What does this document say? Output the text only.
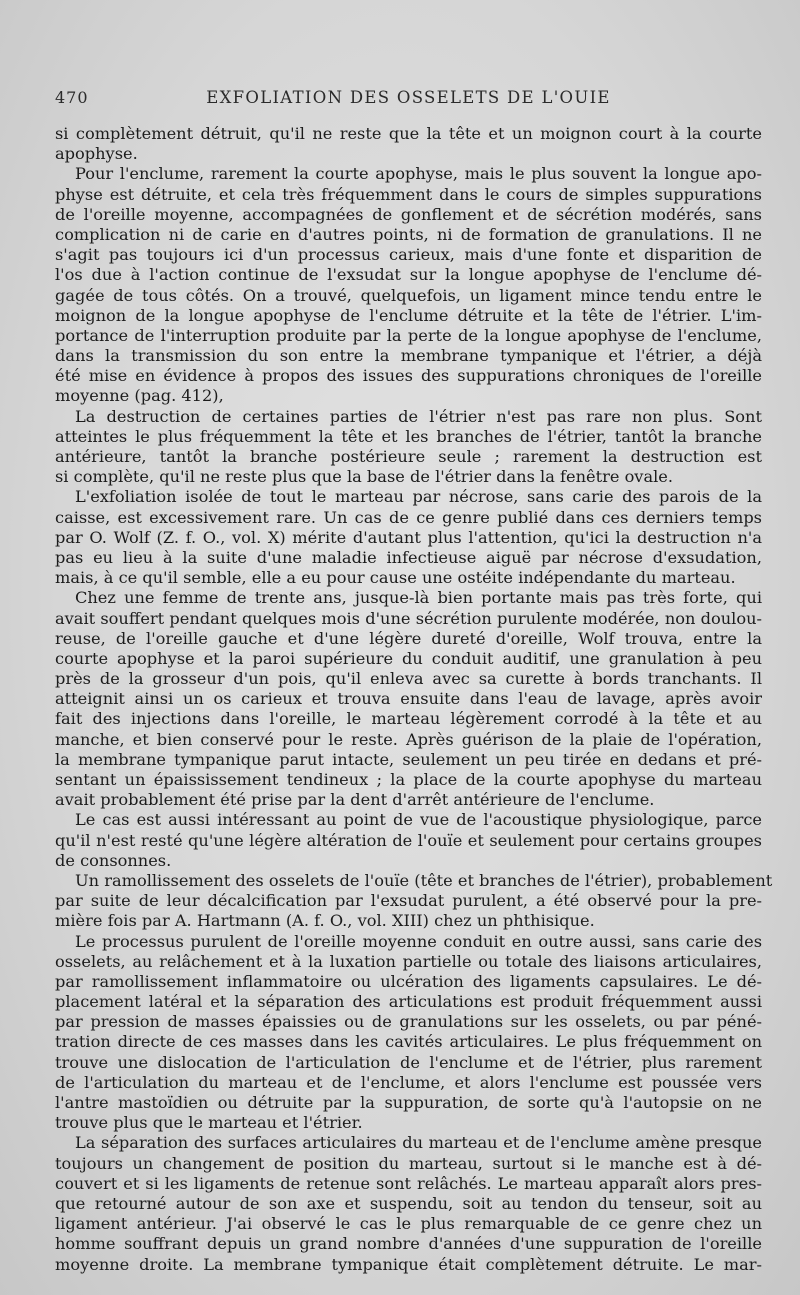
470	EXFOLIATION DES OSSELETS DE L'OUIE
si complètement détruit, qu'il ne reste que la tête et un moignon court à la courte
apophyse.
Pour l'enclume, rarement la courte apophyse, mais le plus souvent la longue apo-
physe est détruite, et cela très fréquemment dans le cours de simples suppurations
de l'oreille moyenne, accompagnées de gonflement et de sécrétion modérés, sans
complication ni de carie en d'autres points, ni de formation de granulations. Il ne
s'agit pas toujours ici d'un processus carieux, mais d'une fonte et disparition de
l'os due à l'action continue de l'exsudat sur la longue apophyse de l'enclume dé-
gagée de tous côtés. On a trouvé, quelquefois, un ligament mince tendu entre le
moignon de la longue apophyse de l'enclume détruite et la tête de l'étrier. L'im-
portance de l'interruption produite par la perte de la longue apophyse de l'enclume,
dans la transmission du son entre la membrane tympanique et l'étrier, a déjà
été mise en évidence à propos des issues des suppurations chroniques de l'oreille
moyenne (pag. 412),
La destruction de certaines parties de l'étrier n'est pas rare non plus. Sont
atteintes le plus fréquemment la tête et les branches de l'étrier, tantôt la branche
antérieure, tantôt la branche postérieure seule ; rarement la destruction est
si complète, qu'il ne reste plus que la base de l'étrier dans la fenêtre ovale.
L'exfoliation isolée de tout le marteau par nécrose, sans carie des parois de la
caisse, est excessivement rare. Un cas de ce genre publié dans ces derniers temps
par O. Wolf (Z. f. O., vol. X) mérite d'autant plus l'attention, qu'ici la destruction n'a
pas eu lieu à la suite d'une maladie infectieuse aiguë par nécrose d'exsudation,
mais, à ce qu'il semble, elle a eu pour cause une ostéite indépendante du marteau.
Chez une femme de trente ans, jusque-là bien portante mais pas très forte, qui
avait souffert pendant quelques mois d'une sécrétion purulente modérée, non doulou-
reuse, de l'oreille gauche et d'une légère dureté d'oreille, Wolf trouva, entre la
courte apophyse et la paroi supérieure du conduit auditif, une granulation à peu
près de la grosseur d'un pois, qu'il enleva avec sa curette à bords tranchants. Il
atteignit ainsi un os carieux et trouva ensuite dans l'eau de lavage, après avoir
fait des injections dans l'oreille, le marteau légèrement corrodé à la tête et au
manche, et bien conservé pour le reste. Après guérison de la plaie de l'opération,
la membrane tympanique parut intacte, seulement un peu tirée en dedans et pré-
sentant un épaississement tendineux ; la place de la courte apophyse du marteau
avait probablement été prise par la dent d'arrêt antérieure de l'enclume.
Le cas est aussi intéressant au point de vue de l'acoustique physiologique, parce
qu'il n'est resté qu'une légère altération de l'ouïe et seulement pour certains groupes
de consonnes.
Un ramollissement des osselets de l'ouïe (tête et branches de l'étrier), probablement
par suite de leur décalcification par l'exsudat purulent, a été observé pour la pre-
mière fois par A. Hartmann (A. f. O., vol. XIII) chez un phthisique.
Le processus purulent de l'oreille moyenne conduit en outre aussi, sans carie des
osselets, au relâchement et à la luxation partielle ou totale des liaisons articulaires,
par ramollissement inflammatoire ou ulcération des ligaments capsulaires. Le dé-
placement latéral et la séparation des articulations est produit fréquemment aussi
par pression de masses épaissies ou de granulations sur les osselets, ou par péné-
tration directe de ces masses dans les cavités articulaires. Le plus fréquemment on
trouve une dislocation de l'articulation de l'enclume et de l'étrier, plus rarement
de l'articulation du marteau et de l'enclume, et alors l'enclume est poussée vers
l'antre mastoïdien ou détruite par la suppuration, de sorte qu'à l'autopsie on ne
trouve plus que le marteau et l'étrier.
La séparation des surfaces articulaires du marteau et de l'enclume amène presque
toujours un changement de position du marteau, surtout si le manche est à dé-
couvert et si les ligaments de retenue sont relâchés. Le marteau apparaît alors pres-
que retourné autour de son axe et suspendu, soit au tendon du tenseur, soit au
ligament antérieur. J'ai observé le cas le plus remarquable de ce genre chez un
homme souffrant depuis un grand nombre d'années d'une suppuration de l'oreille
moyenne droite. La membrane tympanique était complètement détruite. Le mar-
